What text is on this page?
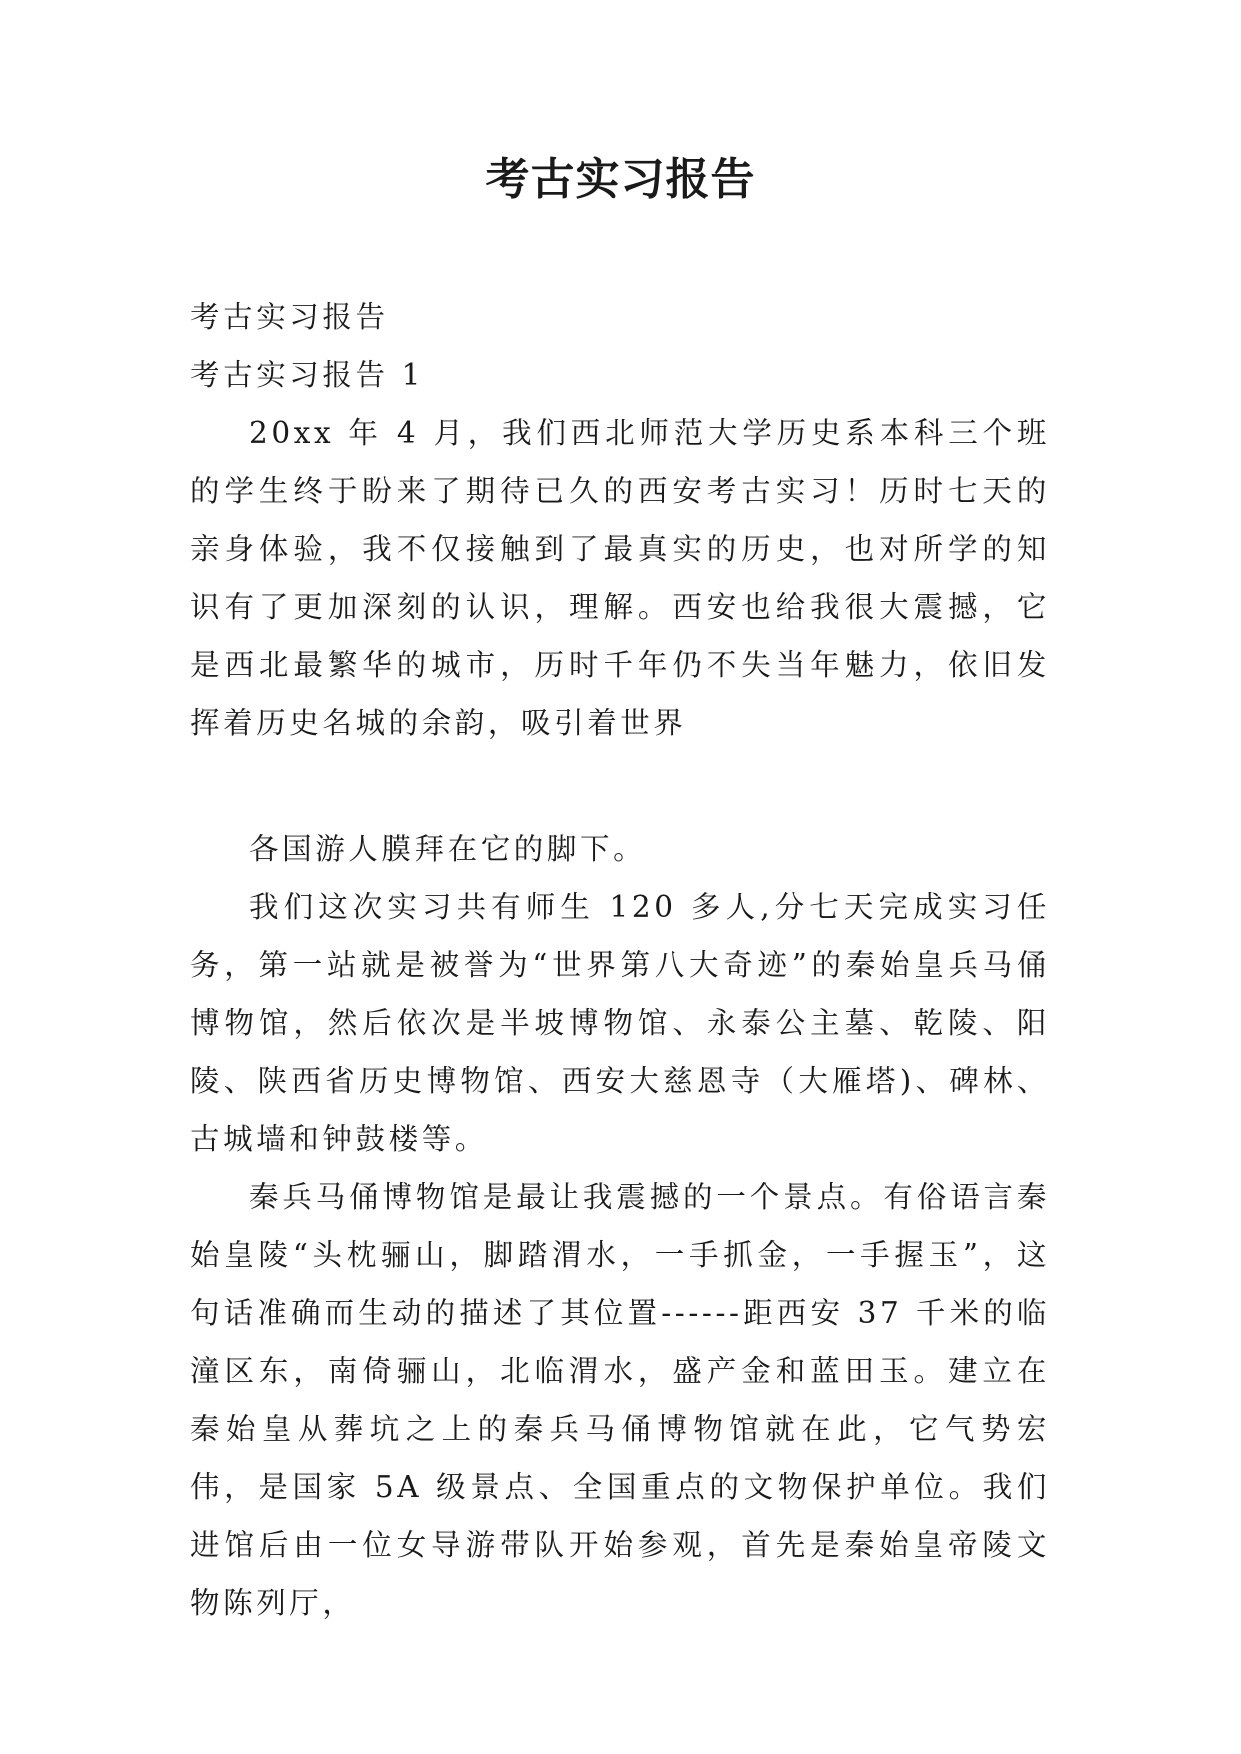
考古实习报告
考古实习报告
考古实习报告 1

20xx 年 4 月，我们西北师范大学历史系本科三个班的学生终于盼来了期待已久的西安考古实习！历时七天的亲身体验，我不仅接触到了最真实的历史，也对所学的知识有了更加深刻的认识，理解。西安也给我很大震撼，它是西北最繁华的城市，历时千年仍不失当年魅力，依旧发挥着历史名城的余韵，吸引着世界

各国游人膜拜在它的脚下。

我们这次实习共有师生 120 多人,分七天完成实习任务，第一站就是被誉为“世界第八大奇迹”的秦始皇兵马俑博物馆，然后依次是半坡博物馆、永泰公主墓、乾陵、阳陵、陕西省历史博物馆、西安大慈恩寺（大雁塔)、碑林、古城墙和钟鼓楼等。

秦兵马俑博物馆是最让我震撼的一个景点。有俗语言秦始皇陵“头枕骊山，脚踏渭水，一手抓金，一手握玉”，这句话准确而生动的描述了其位置------距西安 37 千米的临潼区东，南倚骊山，北临渭水，盛产金和蓝田玉。建立在秦始皇从葬坑之上的秦兵马俑博物馆就在此，它气势宏伟，是国家 5A 级景点、全国重点的文物保护单位。我们进馆后由一位女导游带队开始参观，首先是秦始皇帝陵文物陈列厅，
